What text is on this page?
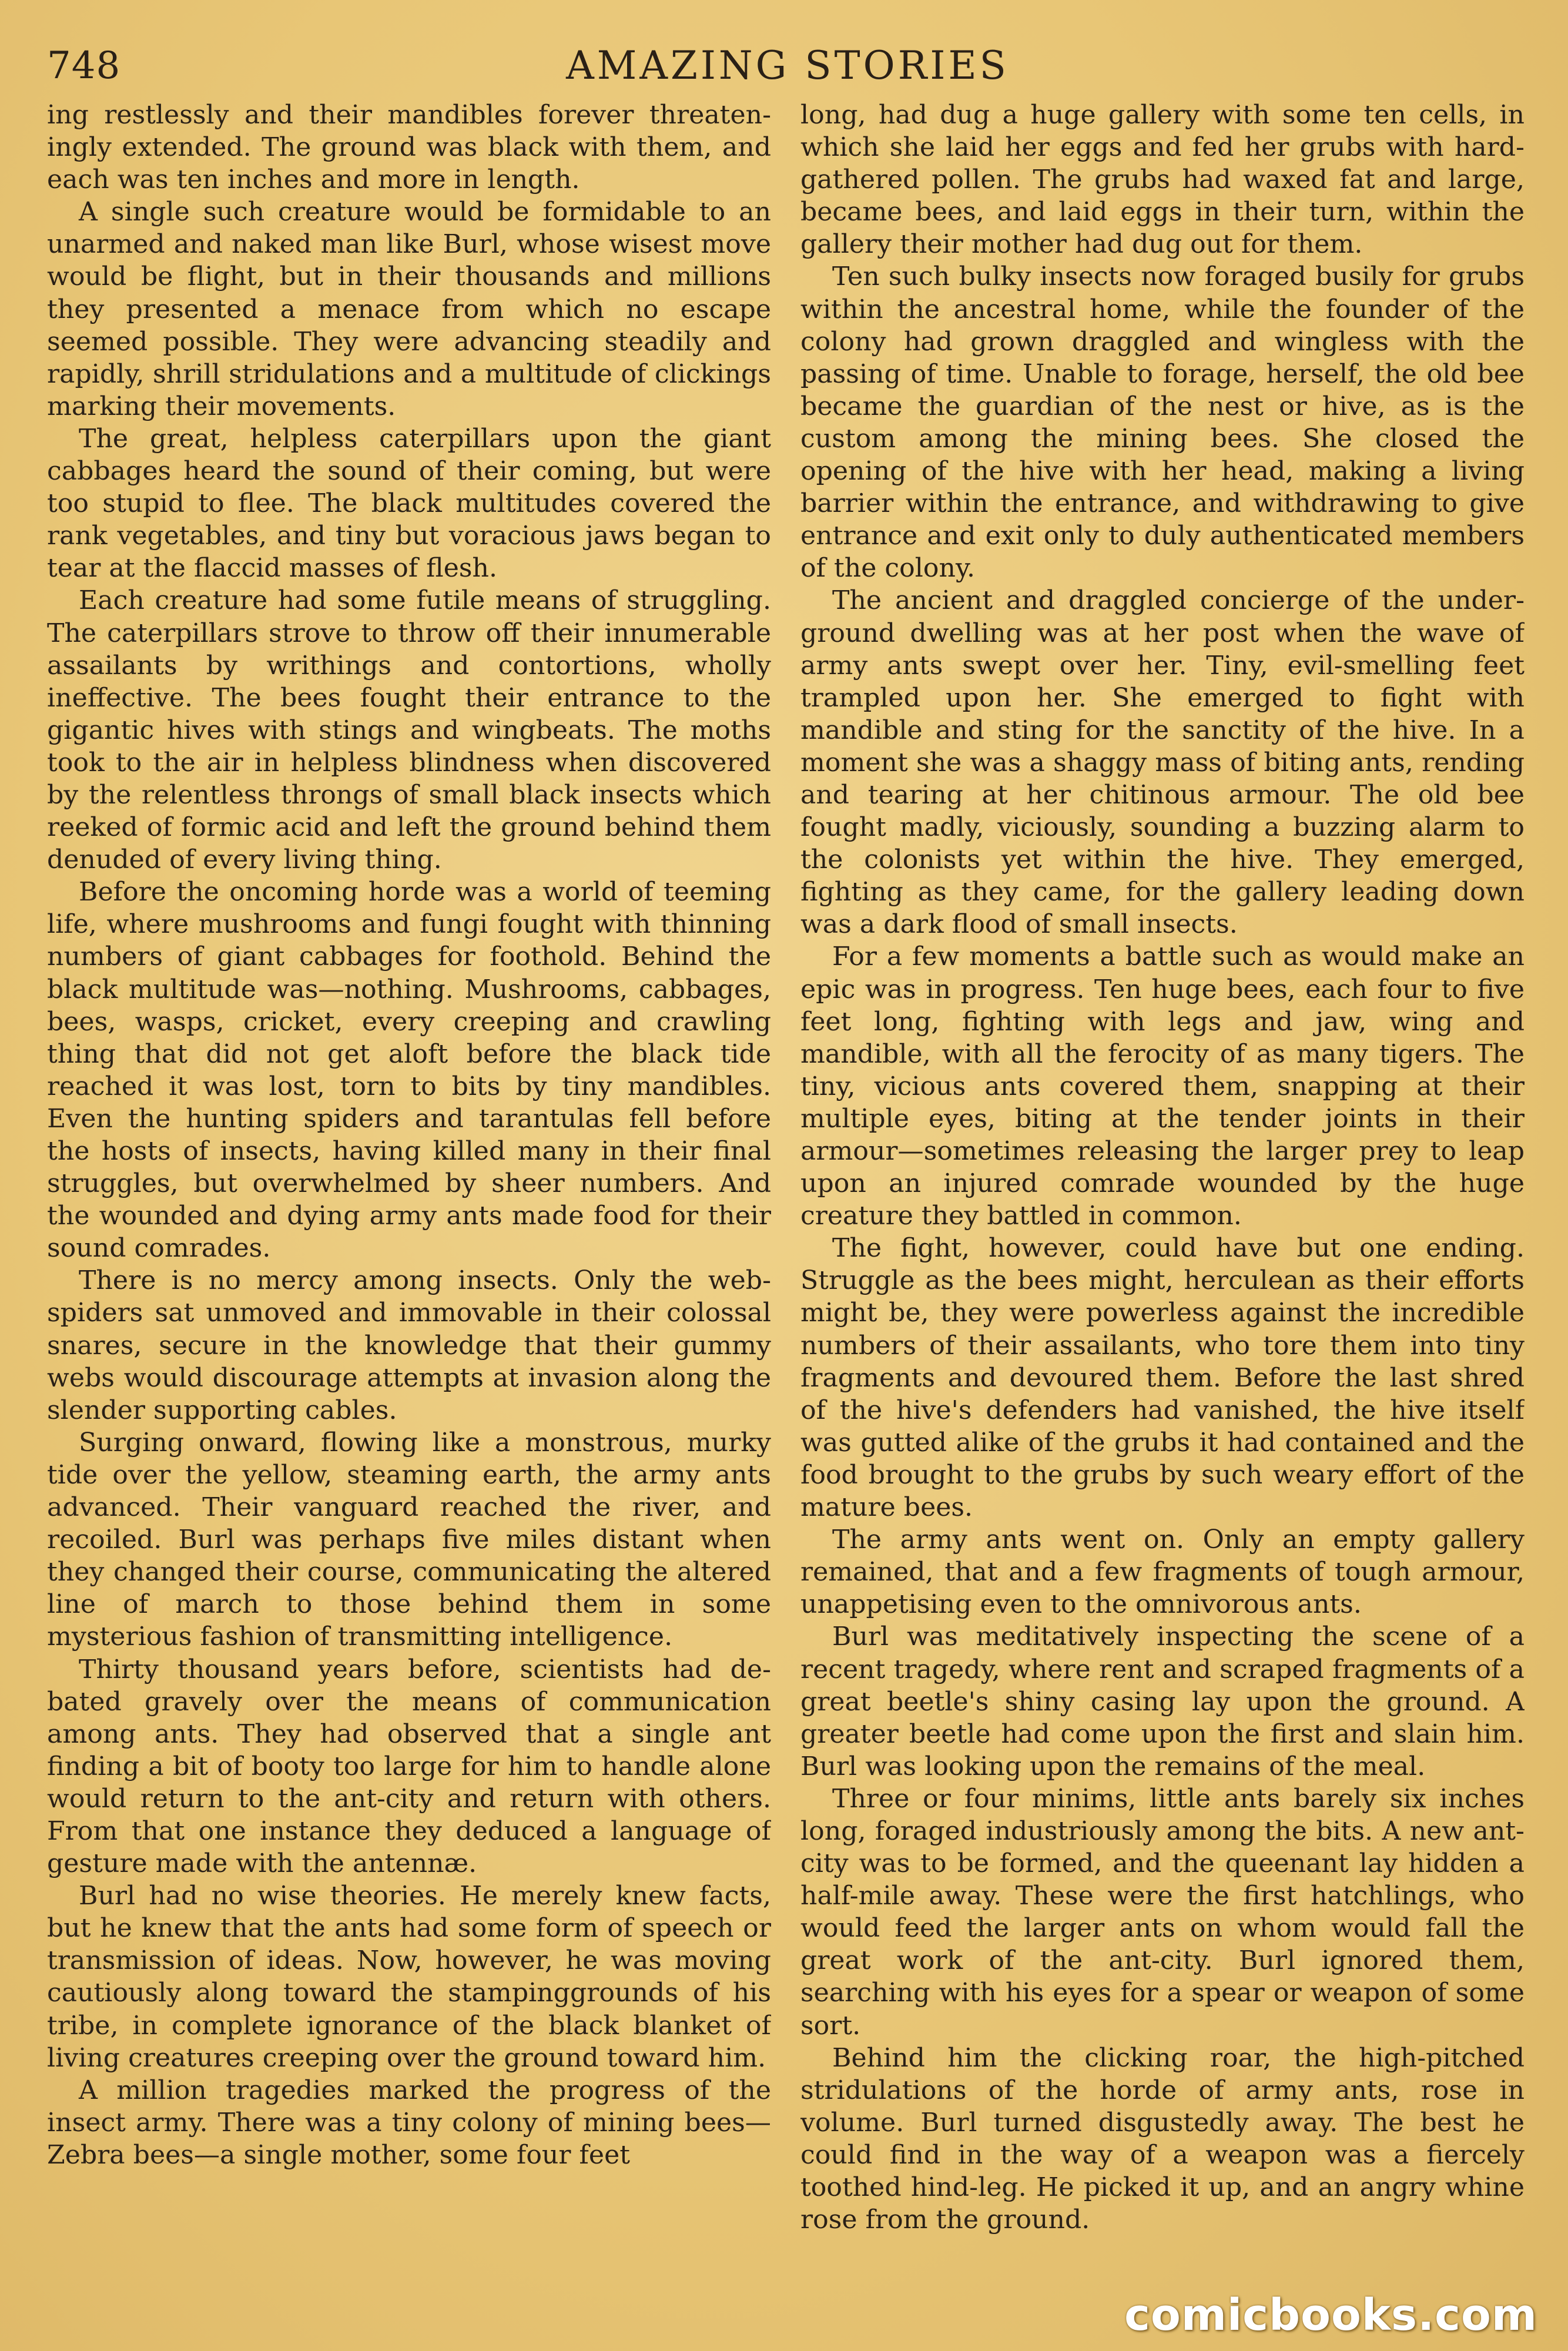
748	AMAZING STORIES

ing restlessly and their mandibles forever threateningly extended. The ground was black with them, and each was ten inches and more in length.

A single such creature would be formidable to an unarmed and naked man like Burl, whose wisest move would be flight, but in their thousands and millions they presented a menace from which no escape seemed possible. They were advancing steadily and rapidly, shrill stridulations and a multitude of clickings marking their movements.

The great, helpless caterpillars upon the giant cabbages heard the sound of their coming, but were too stupid to flee. The black multitudes covered the rank vegetables, and tiny but voracious jaws began to tear at the flaccid masses of flesh.

Each creature had some futile means of struggling. The caterpillars strove to throw off their innumerable assailants by writhings and contortions, wholly ineffective. The bees fought their entrance to the gigantic hives with stings and wingbeats. The moths took to the air in helpless blindness when discovered by the relentless throngs of small black insects which reeked of formic acid and left the ground behind them denuded of every living thing.

Before the oncoming horde was a world of teeming life, where mushrooms and fungi fought with thinning numbers of giant cabbages for foothold. Behind the black multitude was—nothing. Mushrooms, cabbages, bees, wasps, cricket, every creeping and crawling thing that did not get aloft before the black tide reached it was lost, torn to bits by tiny mandibles. Even the hunting spiders and tarantulas fell before the hosts of insects, having killed many in their final struggles, but overwhelmed by sheer numbers. And the wounded and dying army ants made food for their sound comrades.

There is no mercy among insects. Only the webspiders sat unmoved and immovable in their colossal snares, secure in the knowledge that their gummy webs would discourage attempts at invasion along the slender supporting cables.

Surging onward, flowing like a monstrous, murky tide over the yellow, steaming earth, the army ants advanced. Their vanguard reached the river, and recoiled. Burl was perhaps five miles distant when they changed their course, communicating the altered line of march to those behind them in some mysterious fashion of transmitting intelligence.

Thirty thousand years before, scientists had debated gravely over the means of communication among ants. They had observed that a single ant finding a bit of booty too large for him to handle alone would return to the ant-city and return with others. From that one instance they deduced a language of gesture made with the antennæ.

Burl had no wise theories. He merely knew facts, but he knew that the ants had some form of speech or transmission of ideas. Now, however, he was moving cautiously along toward the stampinggrounds of his tribe, in complete ignorance of the black blanket of living creatures creeping over the ground toward him.

A million tragedies marked the progress of the insect army. There was a tiny colony of mining bees—Zebra bees—a single mother, some four feet

long, had dug a huge gallery with some ten cells, in which she laid her eggs and fed her grubs with hard-gathered pollen. The grubs had waxed fat and large, became bees, and laid eggs in their turn, within the gallery their mother had dug out for them.

Ten such bulky insects now foraged busily for grubs within the ancestral home, while the founder of the colony had grown draggled and wingless with the passing of time. Unable to forage, herself, the old bee became the guardian of the nest or hive, as is the custom among the mining bees. She closed the opening of the hive with her head, making a living barrier within the entrance, and withdrawing to give entrance and exit only to duly authenticated members of the colony.

The ancient and draggled concierge of the underground dwelling was at her post when the wave of army ants swept over her. Tiny, evil-smelling feet trampled upon her. She emerged to fight with mandible and sting for the sanctity of the hive. In a moment she was a shaggy mass of biting ants, rending and tearing at her chitinous armour. The old bee fought madly, viciously, sounding a buzzing alarm to the colonists yet within the hive. They emerged, fighting as they came, for the gallery leading down was a dark flood of small insects.

For a few moments a battle such as would make an epic was in progress. Ten huge bees, each four to five feet long, fighting with legs and jaw, wing and mandible, with all the ferocity of as many tigers. The tiny, vicious ants covered them, snapping at their multiple eyes, biting at the tender joints in their armour—sometimes releasing the larger prey to leap upon an injured comrade wounded by the huge creature they battled in common.

The fight, however, could have but one ending. Struggle as the bees might, herculean as their efforts might be, they were powerless against the incredible numbers of their assailants, who tore them into tiny fragments and devoured them. Before the last shred of the hive's defenders had vanished, the hive itself was gutted alike of the grubs it had contained and the food brought to the grubs by such weary effort of the mature bees.

The army ants went on. Only an empty gallery remained, that and a few fragments of tough armour, unappetising even to the omnivorous ants.

Burl was meditatively inspecting the scene of a recent tragedy, where rent and scraped fragments of a great beetle's shiny casing lay upon the ground. A greater beetle had come upon the first and slain him. Burl was looking upon the remains of the meal.

Three or four minims, little ants barely six inches long, foraged industriously among the bits. A new ant-city was to be formed, and the queenant lay hidden a half-mile away. These were the first hatchlings, who would feed the larger ants on whom would fall the great work of the ant-city. Burl ignored them, searching with his eyes for a spear or weapon of some sort.

Behind him the clicking roar, the high-pitched stridulations of the horde of army ants, rose in volume. Burl turned disgustedly away. The best he could find in the way of a weapon was a fiercely toothed hind-leg. He picked it up, and an angry whine rose from the ground.

comicbooks.com
